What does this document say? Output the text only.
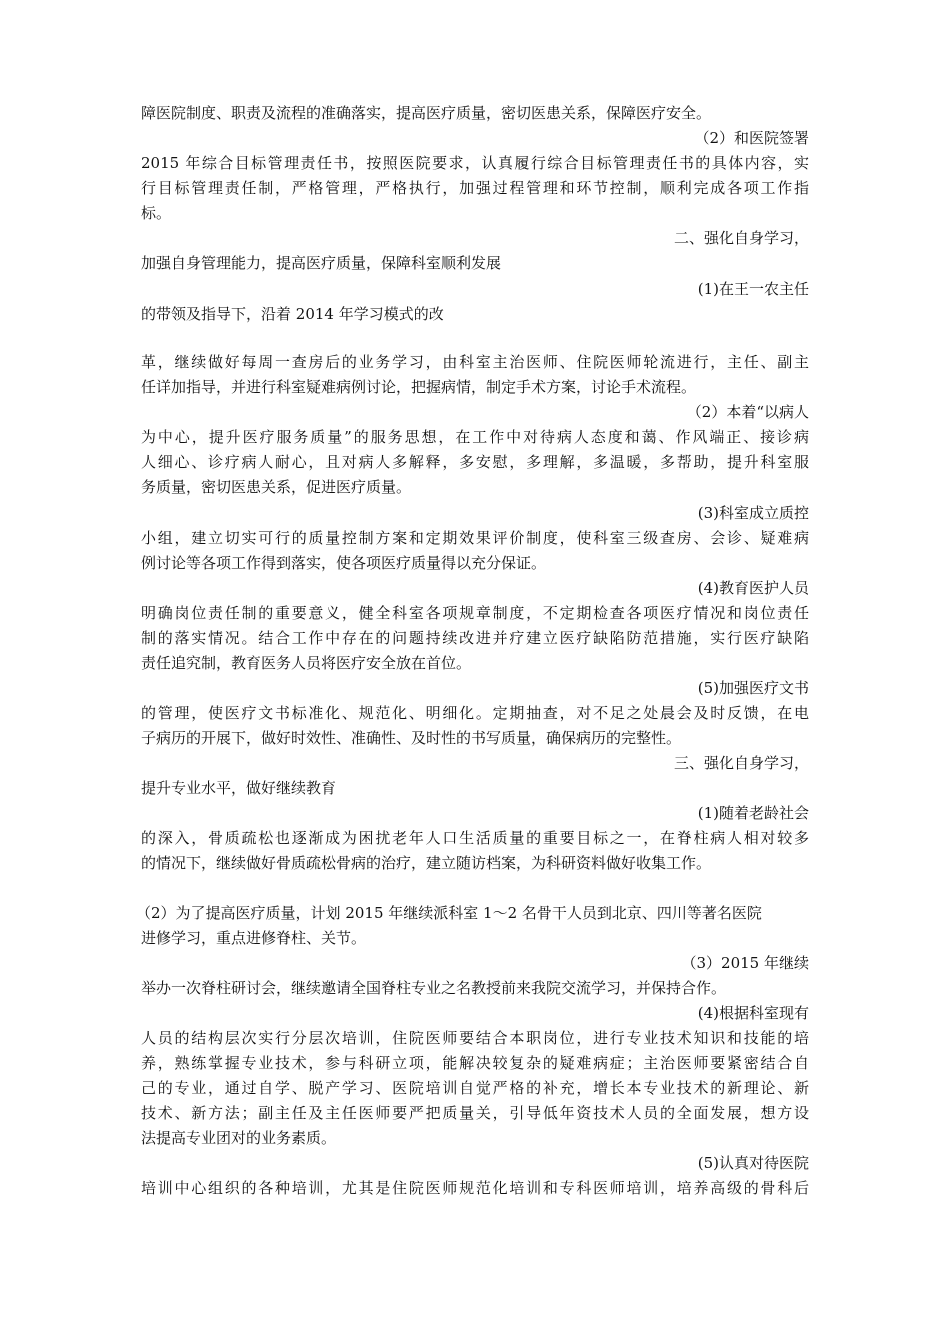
障医院制度、职责及流程的准确落实，提高医疗质量，密切医患关系，保障医疗安全。
（2）和医院签署
2015 年综合目标管理责任书，按照医院要求，认真履行综合目标管理责任书的具体内容，实
行目标管理责任制，严格管理，严格执行，加强过程管理和环节控制，顺利完成各项工作指
标。
二、强化自身学习，
加强自身管理能力，提高医疗质量，保障科室顺利发展
(1)在王一农主任
的带领及指导下，沿着 2014 年学习模式的改
革，继续做好每周一查房后的业务学习，由科室主治医师、住院医师轮流进行，主任、副主
任详加指导，并进行科室疑难病例讨论，把握病情，制定手术方案，讨论手术流程。
（2）本着“以病人
为中心，提升医疗服务质量”的服务思想，在工作中对待病人态度和蔼、作风端正、接诊病
人细心、诊疗病人耐心，且对病人多解释，多安慰，多理解，多温暖，多帮助，提升科室服
务质量，密切医患关系，促进医疗质量。
(3)科室成立质控
小组，建立切实可行的质量控制方案和定期效果评价制度，使科室三级查房、会诊、疑难病
例讨论等各项工作得到落实，使各项医疗质量得以充分保证。
(4)教育医护人员
明确岗位责任制的重要意义，健全科室各项规章制度，不定期检查各项医疗情况和岗位责任
制的落实情况。结合工作中存在的问题持续改进并疗建立医疗缺陷防范措施，实行医疗缺陷
责任追究制，教育医务人员将医疗安全放在首位。
(5)加强医疗文书
的管理，使医疗文书标准化、规范化、明细化。定期抽查，对不足之处晨会及时反馈，在电
子病历的开展下，做好时效性、准确性、及时性的书写质量，确保病历的完整性。
三、强化自身学习，
提升专业水平，做好继续教育
(1)随着老龄社会
的深入，骨质疏松也逐渐成为困扰老年人口生活质量的重要目标之一，在脊柱病人相对较多
的情况下，继续做好骨质疏松骨病的治疗，建立随访档案，为科研资料做好收集工作。
（2）为了提高医疗质量，计划 2015 年继续派科室 1～2 名骨干人员到北京、四川等著名医院
进修学习，重点进修脊柱、关节。
（3）2015 年继续
举办一次脊柱研讨会，继续邀请全国脊柱专业之名教授前来我院交流学习，并保持合作。
(4)根据科室现有
人员的结构层次实行分层次培训，住院医师要结合本职岗位，进行专业技术知识和技能的培
养，熟练掌握专业技术，参与科研立项，能解决较复杂的疑难病症；主治医师要紧密结合自
己的专业，通过自学、脱产学习、医院培训自觉严格的补充，增长本专业技术的新理论、新
技术、新方法；副主任及主任医师要严把质量关，引导低年资技术人员的全面发展，想方设
法提高专业团对的业务素质。
(5)认真对待医院
培训中心组织的各种培训，尤其是住院医师规范化培训和专科医师培训，培养高级的骨科后
